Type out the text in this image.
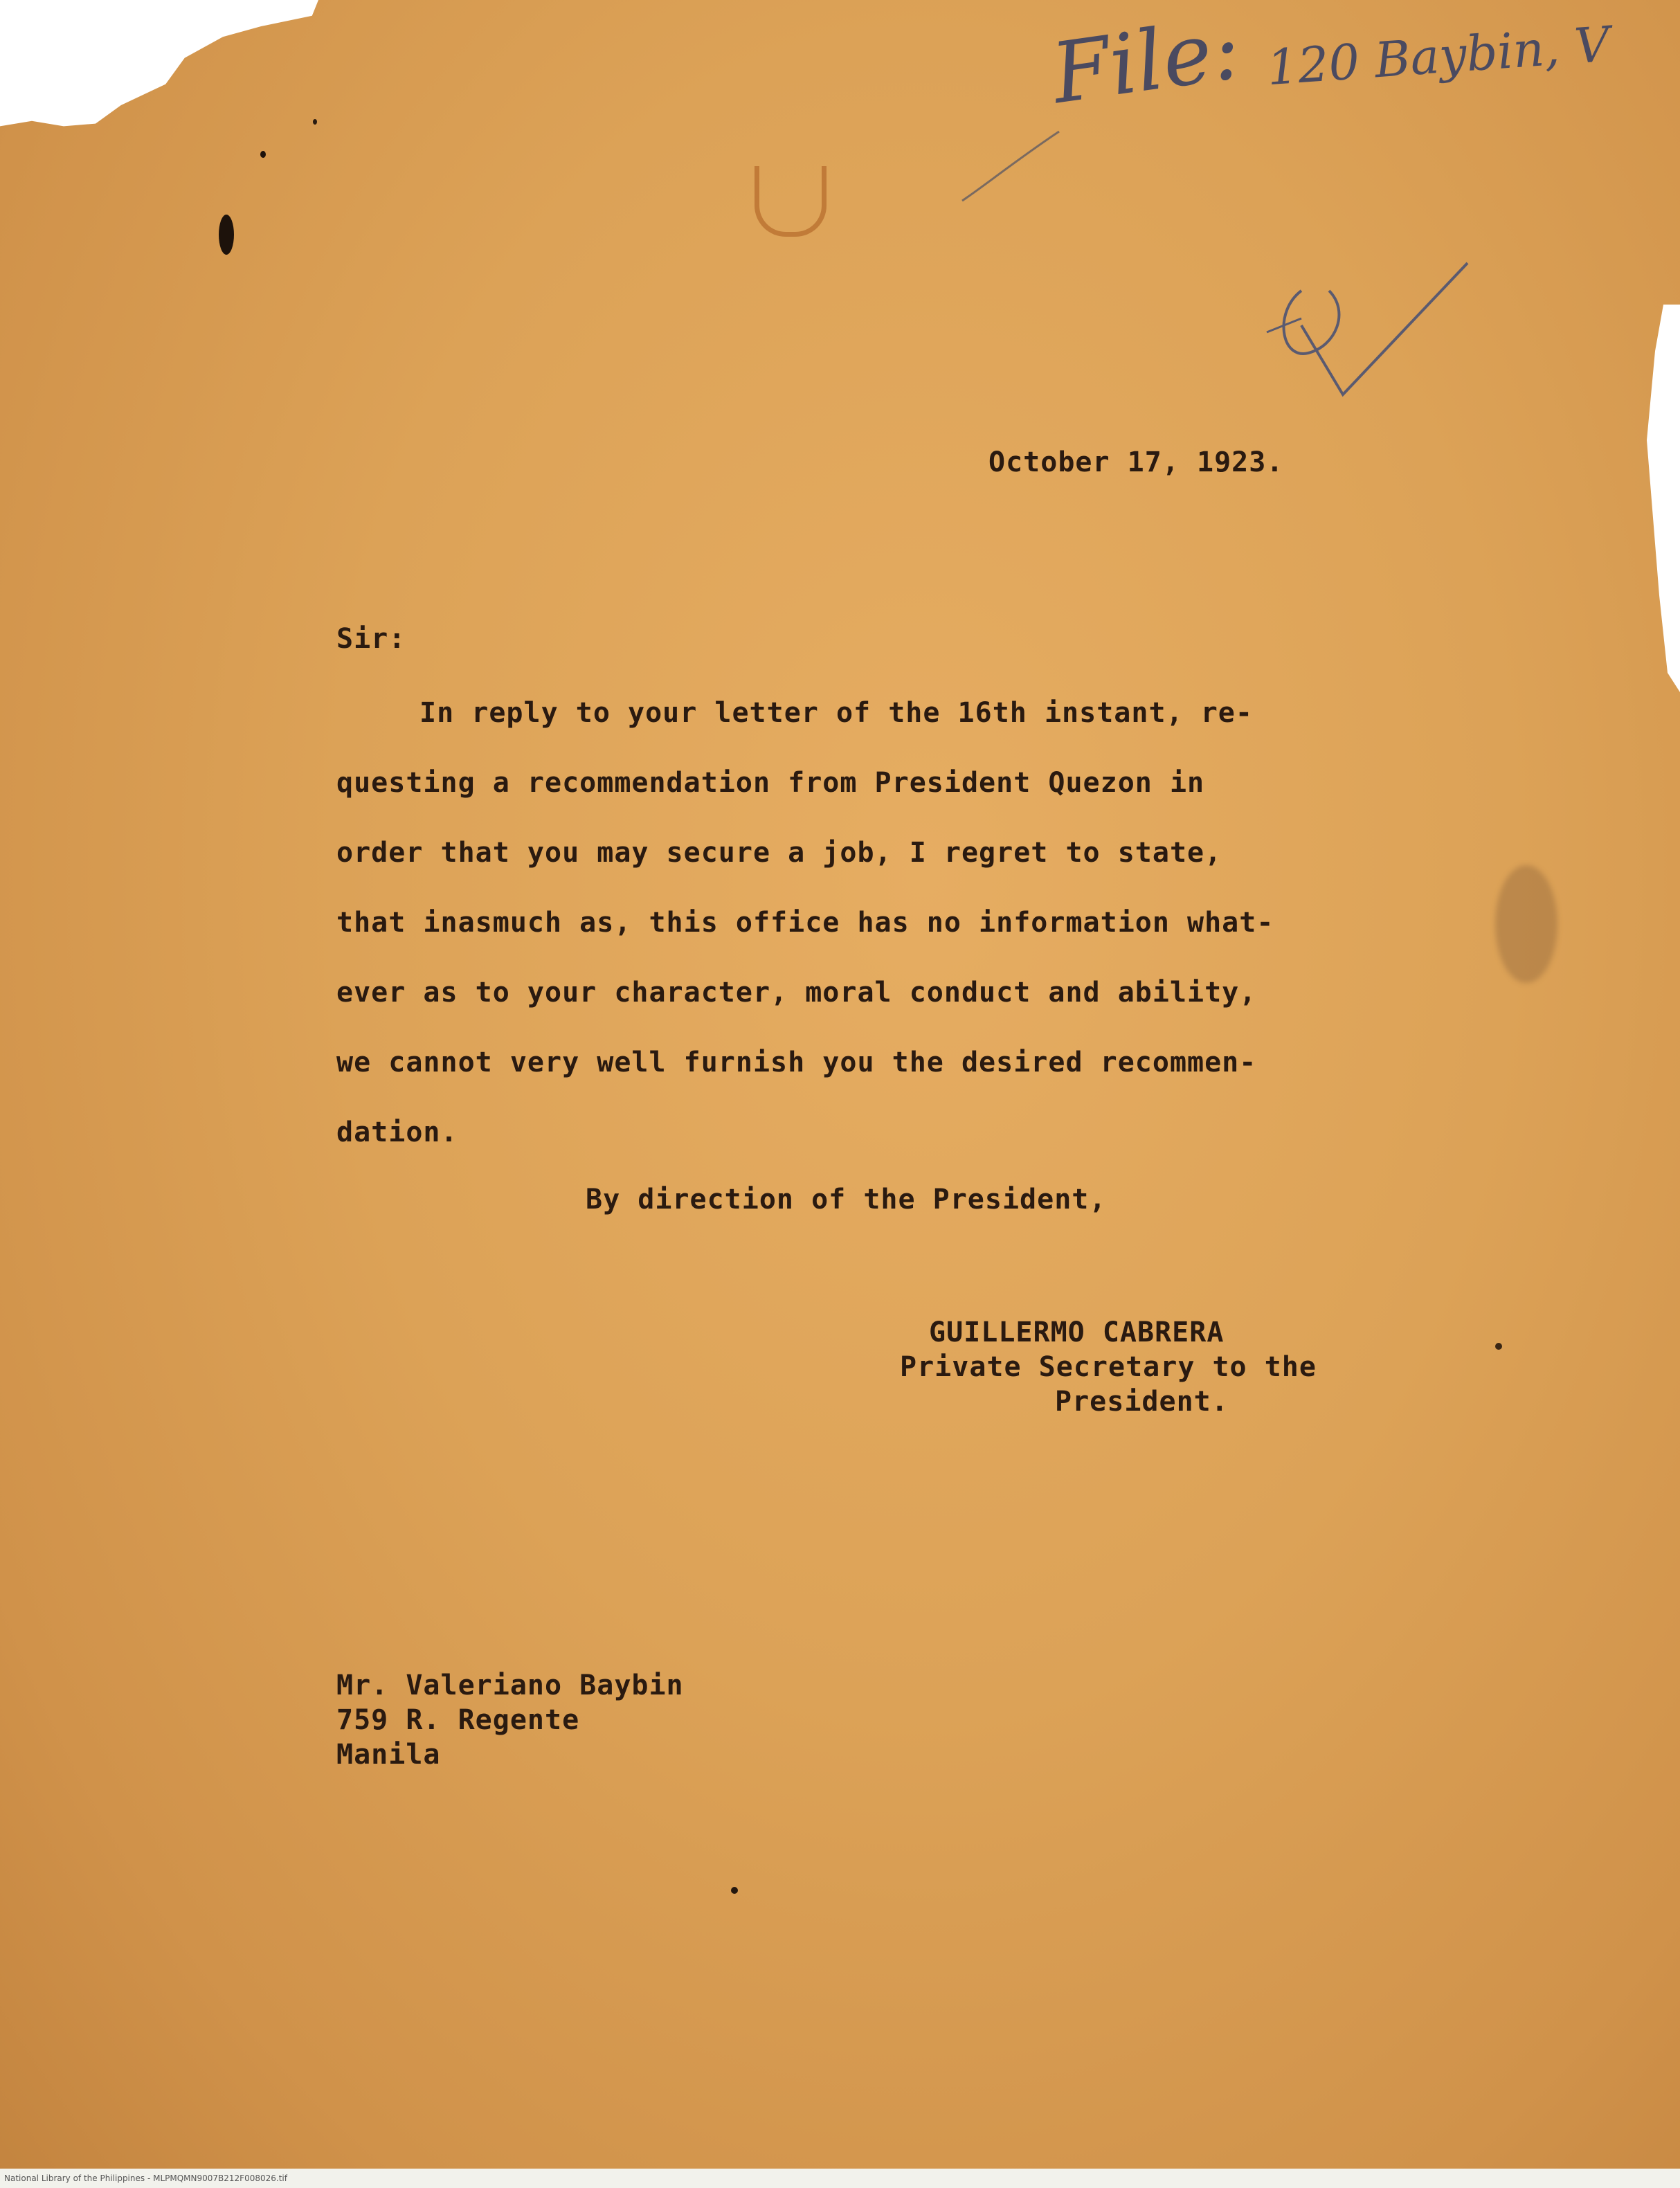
File: 120 Baybin, V

October 17, 1923.

Sir:

In reply to your letter of the 16th instant, re-
questing a recommendation from President Quezon in
order that you may secure a job, I regret to state,
that inasmuch as, this office has no information what-
ever as to your character, moral conduct and ability,
we cannot very well furnish you the desired recommen-
dation.

By direction of the President,

GUILLERMO CABRERA
Private Secretary to the
President.
Mr. Valeriano Baybin
759 R. Regente
Manila
National Library of the Philippines - MLPMQMN9007B212F008026.tif
